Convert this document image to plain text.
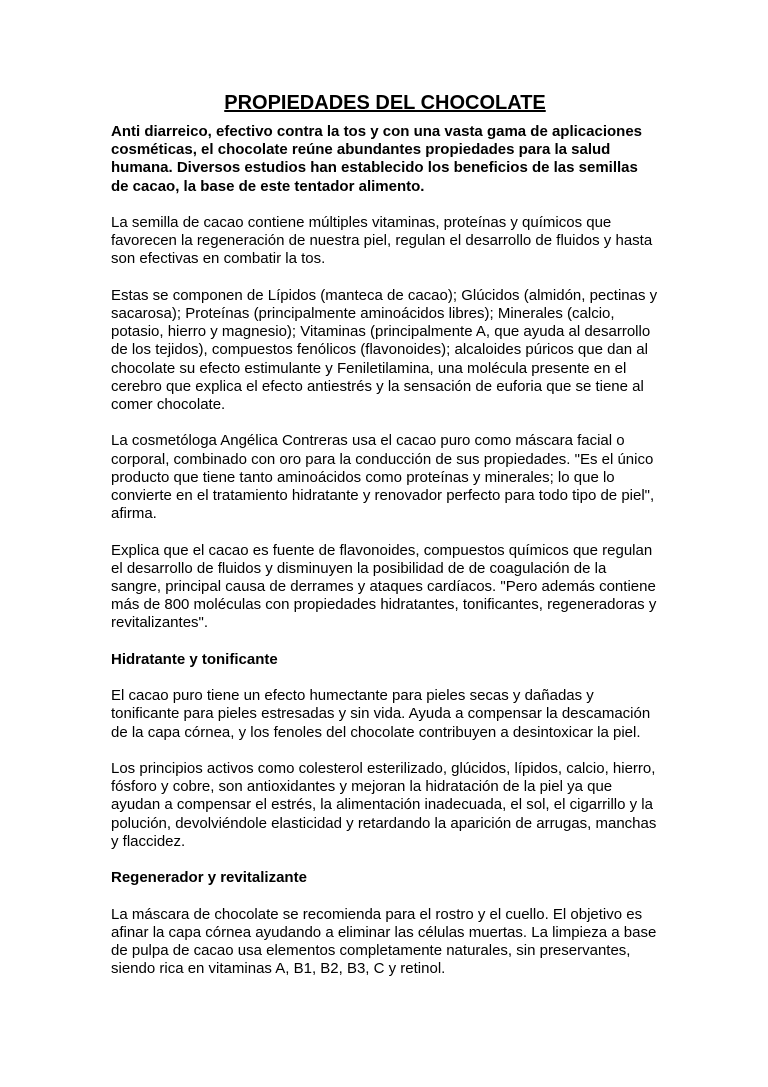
PROPIEDADES DEL CHOCOLATE

Anti diarreico, efectivo contra la tos y con una vasta gama de aplicaciones cosméticas, el chocolate reúne abundantes propiedades para la salud humana. Diversos estudios han establecido los beneficios de las semillas de cacao, la base de este tentador alimento.

La semilla de cacao contiene múltiples vitaminas, proteínas y químicos que favorecen la regeneración de nuestra piel, regulan el desarrollo de fluidos y hasta son efectivas en combatir la tos.

Estas se componen de Lípidos (manteca de cacao); Glúcidos (almidón, pectinas y sacarosa); Proteínas (principalmente aminoácidos libres); Minerales (calcio, potasio, hierro y magnesio); Vitaminas (principalmente A, que ayuda al desarrollo de los tejidos), compuestos fenólicos (flavonoides); alcaloides púricos que dan al chocolate su efecto estimulante y Feniletilamina, una molécula presente en el cerebro que explica el efecto antiestrés y la sensación de euforia que se tiene al comer chocolate.

La cosmetóloga Angélica Contreras usa el cacao puro como máscara facial o corporal, combinado con oro para la conducción de sus propiedades. "Es el único producto que tiene tanto aminoácidos como proteínas y minerales; lo que lo convierte en el tratamiento hidratante y renovador perfecto para todo tipo de piel", afirma.

Explica que el cacao es fuente de flavonoides, compuestos químicos que regulan el desarrollo de fluidos y disminuyen la posibilidad de de coagulación de la sangre, principal causa de derrames y ataques cardíacos. "Pero además contiene más de 800 moléculas con propiedades hidratantes, tonificantes, regeneradoras y revitalizantes".

Hidratante y tonificante

El cacao puro tiene un efecto humectante para pieles secas y dañadas y tonificante para pieles estresadas y sin vida. Ayuda a compensar la descamación de la capa córnea, y los fenoles del chocolate contribuyen a desintoxicar la piel.

Los principios activos como colesterol esterilizado, glúcidos, lípidos, calcio, hierro, fósforo y cobre, son antioxidantes y mejoran la hidratación de la piel ya que ayudan a compensar el estrés, la alimentación inadecuada, el sol, el cigarrillo y la polución, devolviéndole elasticidad y retardando la aparición de arrugas, manchas y flaccidez.

Regenerador y revitalizante

La máscara de chocolate se recomienda para el rostro y el cuello. El objetivo es afinar la capa córnea ayudando a eliminar las células muertas. La limpieza a base de pulpa de cacao usa elementos completamente naturales, sin preservantes, siendo rica en vitaminas A, B1, B2, B3, C y retinol.
